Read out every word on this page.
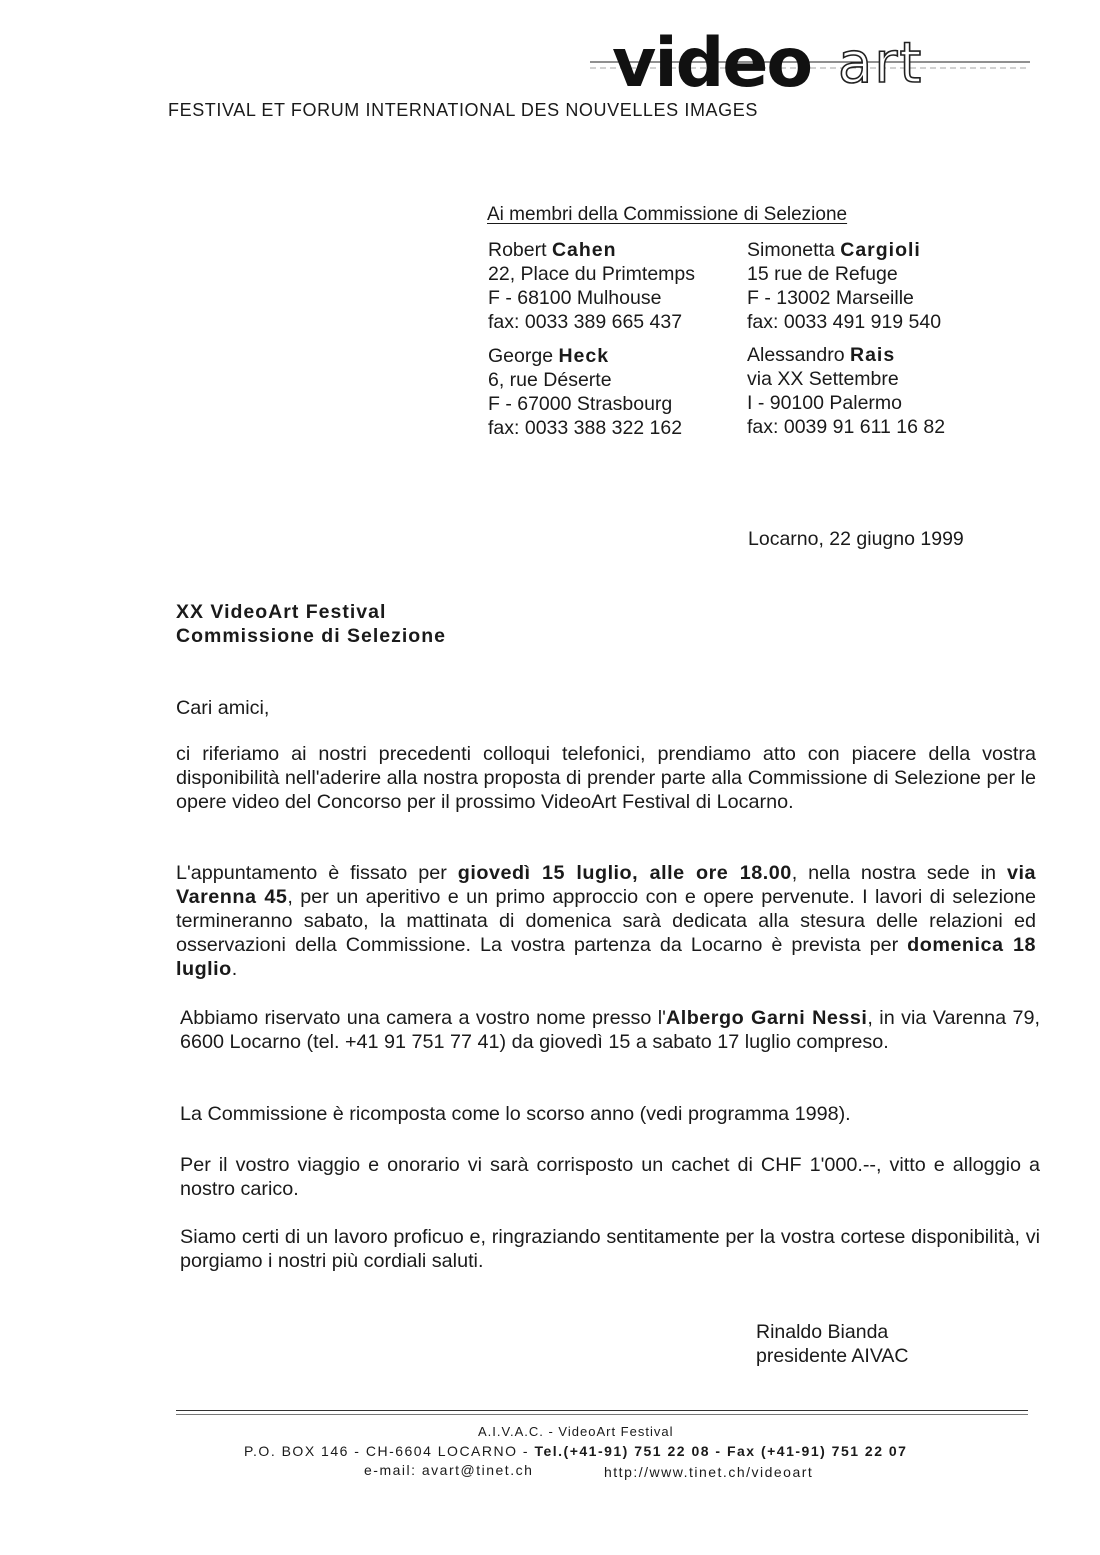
video art
FESTIVAL ET FORUM INTERNATIONAL DES NOUVELLES IMAGES
Ai membri della Commissione di Selezione
Robert Cahen
22, Place du Primtemps
F - 68100 Mulhouse
fax: 0033 389 665 437
Simonetta Cargioli
15 rue de Refuge
F - 13002 Marseille
fax: 0033 491 919 540
George Heck
6, rue Déserte
F - 67000 Strasbourg
fax: 0033 388 322 162
Alessandro Rais
via XX Settembre
I - 90100 Palermo
fax: 0039 91 611 16 82
Locarno, 22 giugno 1999
XX VideoArt Festival
Commissione di Selezione
Cari amici,
ci riferiamo ai nostri precedenti colloqui telefonici, prendiamo atto con piacere della vostra disponibilità nell'aderire alla nostra proposta di prender parte alla Commissione di Selezione per le opere video del Concorso per il prossimo VideoArt Festival di Locarno.
L'appuntamento è fissato per giovedì 15 luglio, alle ore 18.00, nella nostra sede in via Varenna 45, per un aperitivo e un primo approccio con e opere pervenute. I lavori di selezione termineranno sabato, la mattinata di domenica sarà dedicata alla stesura delle relazioni ed osservazioni della Commissione. La vostra partenza da Locarno è prevista per domenica 18 luglio.
Abbiamo riservato una camera a vostro nome presso l'Albergo Garni Nessi, in via Varenna 79, 6600 Locarno (tel. +41 91 751 77 41) da giovedì 15 a sabato 17 luglio compreso.
La Commissione è ricomposta come lo scorso anno (vedi programma 1998).
Per il vostro viaggio e onorario vi sarà corrisposto un cachet di CHF 1'000.--, vitto e alloggio a nostro carico.
Siamo certi di un lavoro proficuo e, ringraziando sentitamente per la vostra cortese disponibilità, vi porgiamo i nostri più cordiali saluti.
Rinaldo Bianda
presidente AIVAC
A.I.V.A.C. - VideoArt Festival
P.O. BOX 146 - CH-6604 LOCARNO - Tel.(+41-91) 751 22 08 - Fax (+41-91) 751 22 07
e-mail: avart@tinet.ch	http://www.tinet.ch/videoart
